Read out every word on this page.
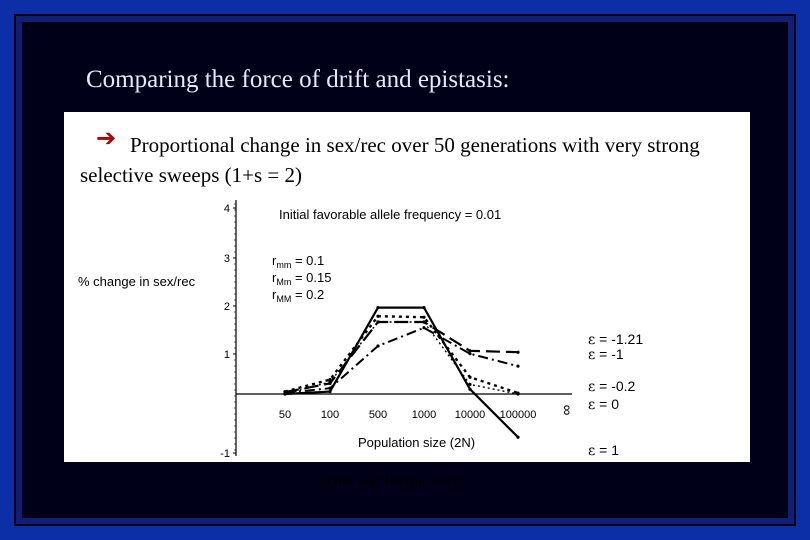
Comparing the force of drift and epistasis:
Proportional change in sex/rec over 50 generations with very strong selective sweeps (1+s = 2)
➔
Initial favorable allele frequency = 0.01
% change in sex/rec
Population size (2N)
4
3
2
1
-1
50	100	500 1000 10000 100000 ∞
$r_{mm} = 0.1$
$r_{Mm} = 0.15$
$r_{MM} = 0.2$
ε = -1.21
ε = -1
ε = -0.2
ε = 0
ε = 1
(Otto and Barton 2001)
